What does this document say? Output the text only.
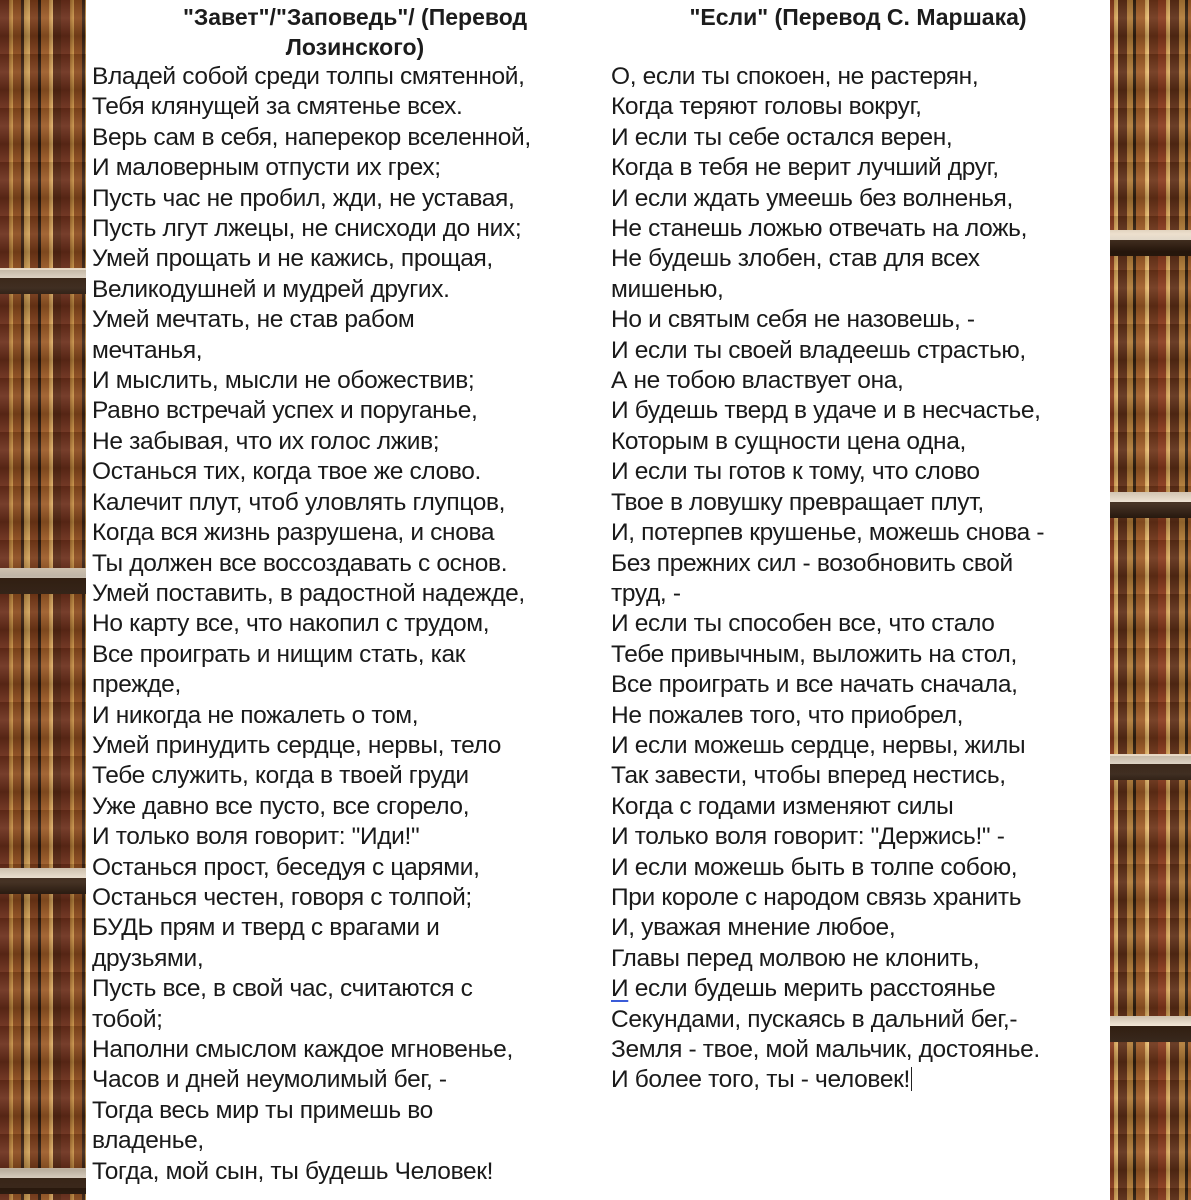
"Завет"/"Заповедь"/ (Перевод Лозинского)
Владей собой среди толпы смятенной,
Тебя клянущей за смятенье всех.
Верь сам в себя, наперекор вселенной,
И маловерным отпусти их грех;
Пусть час не пробил, жди, не уставая,
Пусть лгут лжецы, не снисходи до них;
Умей прощать и не кажись, прощая,
Великодушней и мудрей других.
Умей мечтать, не став рабом
мечтанья,
И мыслить, мысли не обожествив;
Равно встречай успех и поруганье,
Не забывая, что их голос лжив;
Останься тих, когда твое же слово.
Калечит плут, чтоб уловлять глупцов,
Когда вся жизнь разрушена, и снова
Ты должен все воссоздавать с основ.
Умей поставить, в радостной надежде,
Но карту все, что накопил с трудом,
Все проиграть и нищим стать, как
прежде,
И никогда не пожалеть о том,
Умей принудить сердце, нервы, тело
Тебе служить, когда в твоей груди
Уже давно все пусто, все сгорело,
И только воля говорит: "Иди!"
Останься прост, беседуя с царями,
Останься честен, говоря с толпой;
БУДЬ прям и тверд с врагами и
друзьями,
Пусть все, в свой час, считаются с
тобой;
Наполни смыслом каждое мгновенье,
Часов и дней неумолимый бег, -
Тогда весь мир ты примешь во
владенье,
Тогда, мой сын, ты будешь Человек!
"Если" (Перевод С. Маршака)
О, если ты спокоен, не растерян,
Когда теряют головы вокруг,
И если ты себе остался верен,
Когда в тебя не верит лучший друг,
И если ждать умеешь без волненья,
Не станешь ложью отвечать на ложь,
Не будешь злобен, став для всех
мишенью,
Но и святым себя не назовешь, -
И если ты своей владеешь страстью,
А не тобою властвует она,
И будешь тверд в удаче и в несчастье,
Которым в сущности цена одна,
И если ты готов к тому, что слово
Твое в ловушку превращает плут,
И, потерпев крушенье, можешь снова -
Без прежних сил - возобновить свой
труд, -
И если ты способен все, что стало
Тебе привычным, выложить на стол,
Все проиграть и все начать сначала,
Не пожалев того, что приобрел,
И если можешь сердце, нервы, жилы
Так завести, чтобы вперед нестись,
Когда с годами изменяют силы
И только воля говорит: "Держись!" -
И если можешь быть в толпе собою,
При короле с народом связь хранить
И, уважая мнение любое,
Главы перед молвою не клонить,
И если будешь мерить расстоянье
Секундами, пускаясь в дальний бег,-
Земля - твое, мой мальчик, достоянье.
И более того, ты - человек!
